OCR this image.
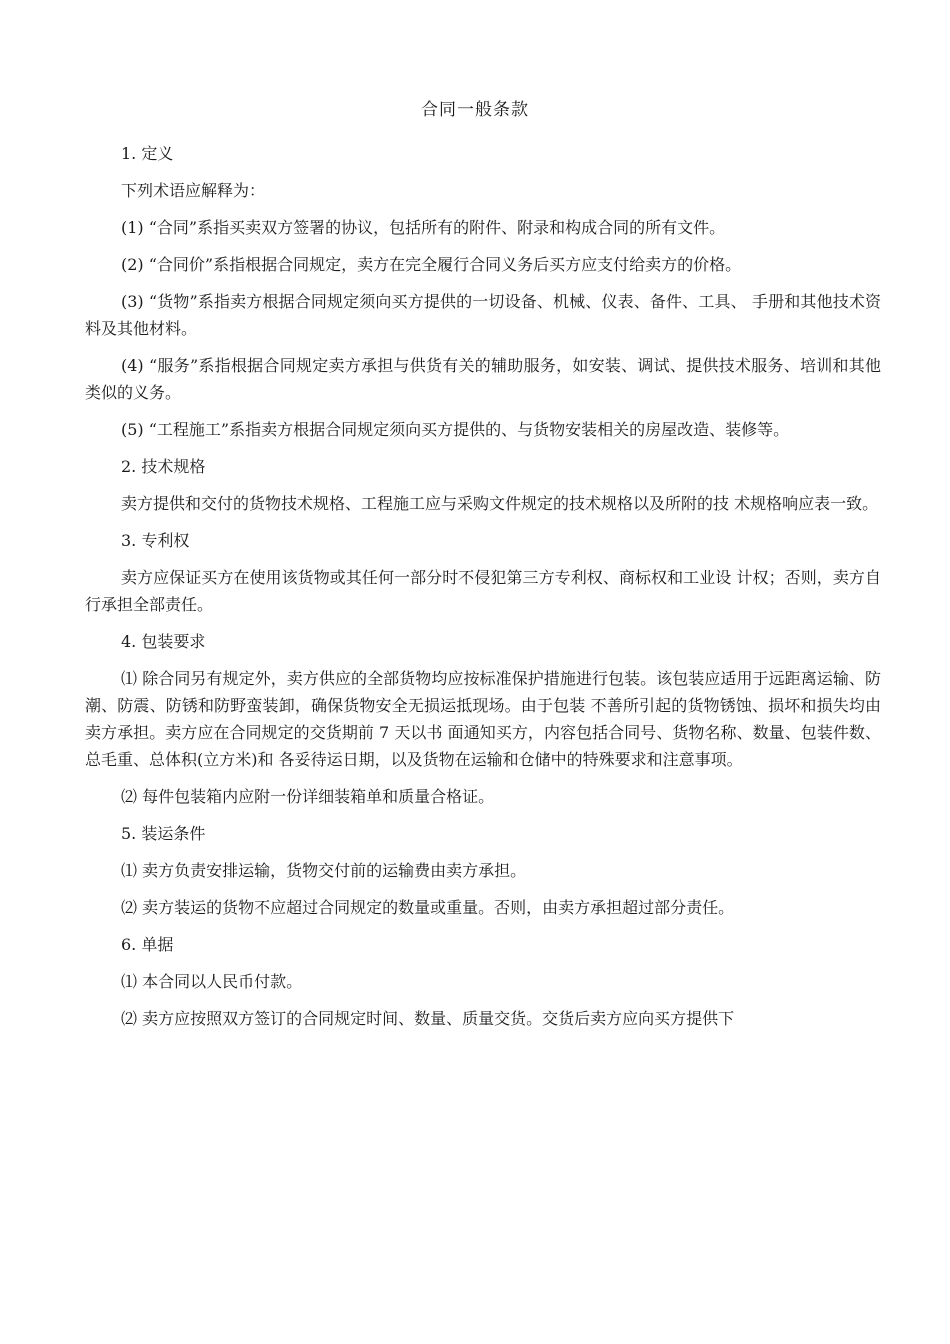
合同一般条款

1. 定义

下列术语应解释为：

(1) “合同”系指买卖双方签署的协议，包括所有的附件、附录和构成合同的所有文件。

(2) “合同价”系指根据合同规定，卖方在完全履行合同义务后买方应支付给卖方的价格。

(3) “货物”系指卖方根据合同规定须向买方提供的一切设备、机械、仪表、备件、工具、 手册和其他技术资料及其他材料。

(4) “服务”系指根据合同规定卖方承担与供货有关的辅助服务，如安装、调试、提供技术服务、培训和其他类似的义务。

(5) “工程施工”系指卖方根据合同规定须向买方提供的、与货物安装相关的房屋改造、装修等。

2. 技术规格

卖方提供和交付的货物技术规格、工程施工应与采购文件规定的技术规格以及所附的技 术规格响应表一致。

3. 专利权

卖方应保证买方在使用该货物或其任何一部分时不侵犯第三方专利权、商标权和工业设 计权；否则，卖方自行承担全部责任。

4. 包装要求

⑴ 除合同另有规定外，卖方供应的全部货物均应按标准保护措施进行包装。该包装应适用于远距离运输、防潮、防震、防锈和防野蛮装卸，确保货物安全无损运抵现场。由于包装 不善所引起的货物锈蚀、损坏和损失均由卖方承担。卖方应在合同规定的交货期前 7 天以书 面通知买方，内容包括合同号、货物名称、数量、包装件数、总毛重、总体积(立方米)和 各妥待运日期，以及货物在运输和仓储中的特殊要求和注意事项。

⑵ 每件包装箱内应附一份详细装箱单和质量合格证。

5. 装运条件

⑴ 卖方负责安排运输，货物交付前的运输费由卖方承担。

⑵ 卖方装运的货物不应超过合同规定的数量或重量。否则，由卖方承担超过部分责任。

6. 单据

⑴ 本合同以人民币付款。

⑵ 卖方应按照双方签订的合同规定时间、数量、质量交货。交货后卖方应向买方提供下
